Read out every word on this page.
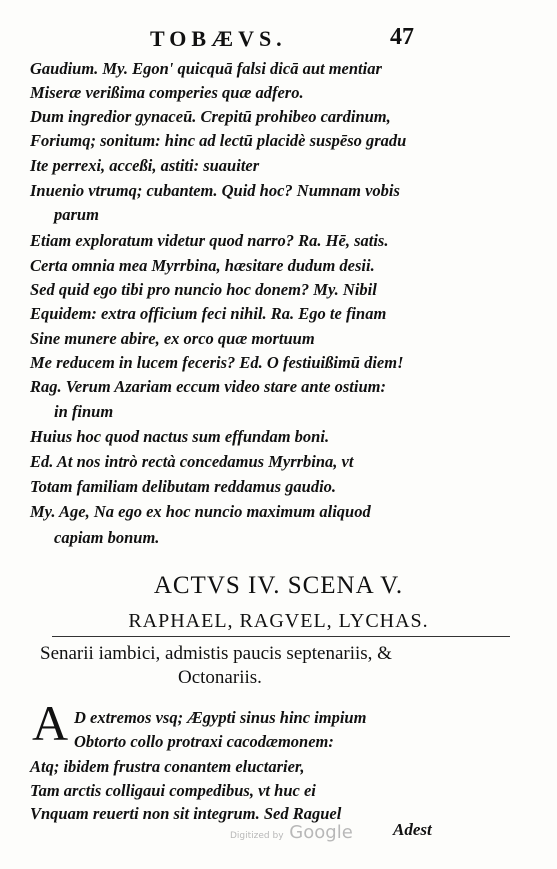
TOBÆVS.	47
Gaudium. My. Egon' quicquā falsi dicā aut mentiar
Miseræ verißima comperies quæ adfero.
Dum ingredior gynaceū. Crepitū prohibeo cardinum,
Foriumq; sonitum: hinc ad lectū placidè suspēso gradu
Ite perrexi, acceßi, astiti: suauiter
Inuenio vtrumq; cubantem. Quid hoc? Numnam vobis
parum
Etiam exploratum videtur quod narro? Ra. Hē, satis.
Certa omnia mea Myrrbina, hæsitare dudum desii.
Sed quid ego tibi pro nuncio hoc donem? My. Nibil
Equidem: extra officium feci nihil. Ra. Ego te finam
Sine munere abire, ex orco quæ mortuum
Me reducem in lucem feceris? Ed. O festiuißimū diem!
Rag. Verum Azariam eccum video stare ante ostium:
in finum
Huius hoc quod nactus sum effundam boni.
Ed. At nos intrò rectà concedamus Myrrbina, vt
Totam familiam delibutam reddamus gaudio.
My. Age, Na ego ex hoc nuncio maximum aliquod
capiam bonum.
ACTVS IV. SCENA V.
RAPHAEL, RAGVEL, LYCHAS.
Senarii iambici, admistis paucis septenariis, &
Octonariis.
A D extremos vsq; Ægypti sinus hinc impium
Obtorto collo protraxi cacodæmonem:
Atq; ibidem frustra conantem eluctarier,
Tam arctis colligaui compedibus, vt huc ei
Vnquam reuerti non sit integrum. Sed Raguel
Digitized by Google Adest
